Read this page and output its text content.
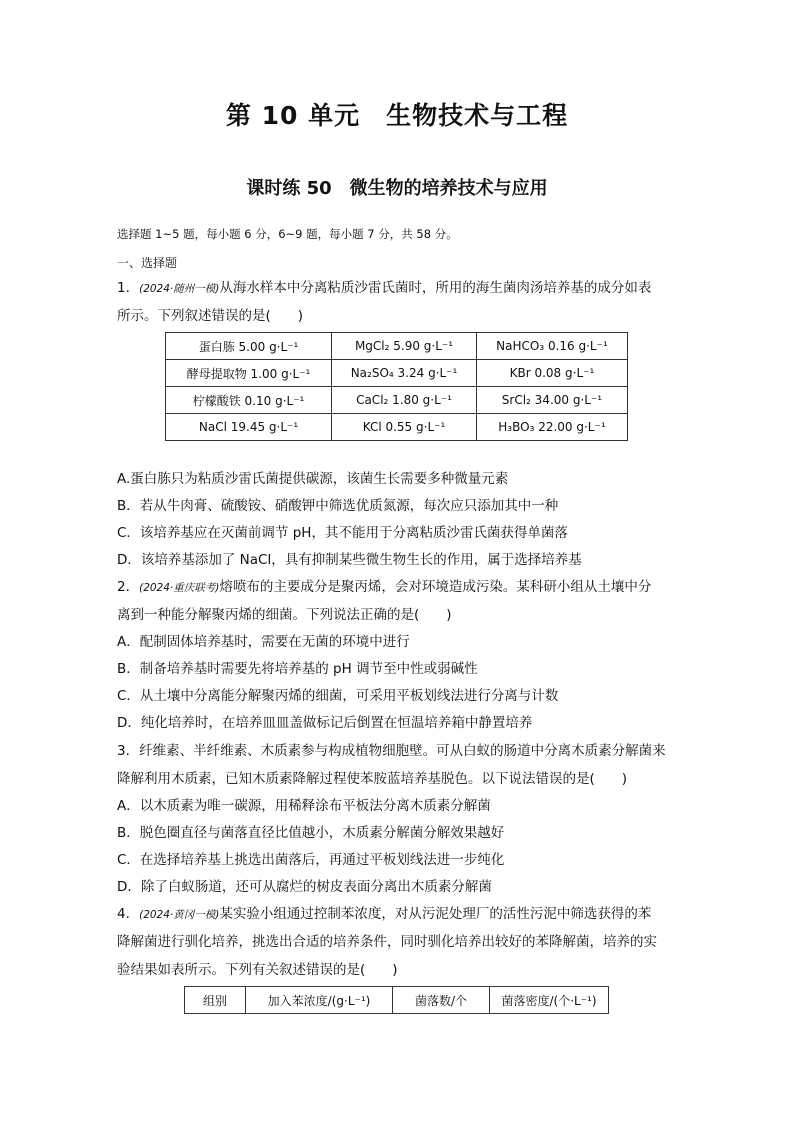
第 10 单元　生物技术与工程
课时练 50　微生物的培养技术与应用
选择题 1~5 题，每小题 6 分，6~9 题，每小题 7 分，共 58 分。
一、选择题
1．(2024·随州一模)从海水样本中分离粘质沙雷氏菌时，所用的海生菌肉汤培养基的成分如表
所示。下列叙述错误的是(　　)
蛋白胨 5.00 g·L⁻¹	MgCl₂ 5.90 g·L⁻¹	NaHCO₃ 0.16 g·L⁻¹
酵母提取物 1.00 g·L⁻¹	Na₂SO₄ 3.24 g·L⁻¹	KBr 0.08 g·L⁻¹
柠檬酸铁 0.10 g·L⁻¹	CaCl₂ 1.80 g·L⁻¹	SrCl₂ 34.00 g·L⁻¹
NaCl 19.45 g·L⁻¹	KCl 0.55 g·L⁻¹	H₃BO₃ 22.00 g·L⁻¹
A.蛋白胨只为粘质沙雷氏菌提供碳源，该菌生长需要多种微量元素
B．若从牛肉膏、硫酸铵、硝酸钾中筛选优质氮源，每次应只添加其中一种
C．该培养基应在灭菌前调节 pH，其不能用于分离粘质沙雷氏菌获得单菌落
D．该培养基添加了 NaCl，具有抑制某些微生物生长的作用，属于选择培养基
2．(2024·重庆联考)熔喷布的主要成分是聚丙烯，会对环境造成污染。某科研小组从土壤中分
离到一种能分解聚丙烯的细菌。下列说法正确的是(　　)
A．配制固体培养基时，需要在无菌的环境中进行
B．制备培养基时需要先将培养基的 pH 调节至中性或弱碱性
C．从土壤中分离能分解聚丙烯的细菌，可采用平板划线法进行分离与计数
D．纯化培养时，在培养皿皿盖做标记后倒置在恒温培养箱中静置培养
3．纤维素、半纤维素、木质素参与构成植物细胞壁。可从白蚁的肠道中分离木质素分解菌来
降解利用木质素，已知木质素降解过程使苯胺蓝培养基脱色。以下说法错误的是(　　)
A．以木质素为唯一碳源，用稀释涂布平板法分离木质素分解菌
B．脱色圈直径与菌落直径比值越小，木质素分解菌分解效果越好
C．在选择培养基上挑选出菌落后，再通过平板划线法进一步纯化
D．除了白蚁肠道，还可从腐烂的树皮表面分离出木质素分解菌
4．(2024·黄冈一模)某实验小组通过控制苯浓度，对从污泥处理厂的活性污泥中筛选获得的苯
降解菌进行驯化培养，挑选出合适的培养条件，同时驯化培养出较好的苯降解菌，培养的实
验结果如表所示。下列有关叙述错误的是(　　)
组别	加入苯浓度/(g·L⁻¹)	菌落数/个	菌落密度/(个·L⁻¹)
